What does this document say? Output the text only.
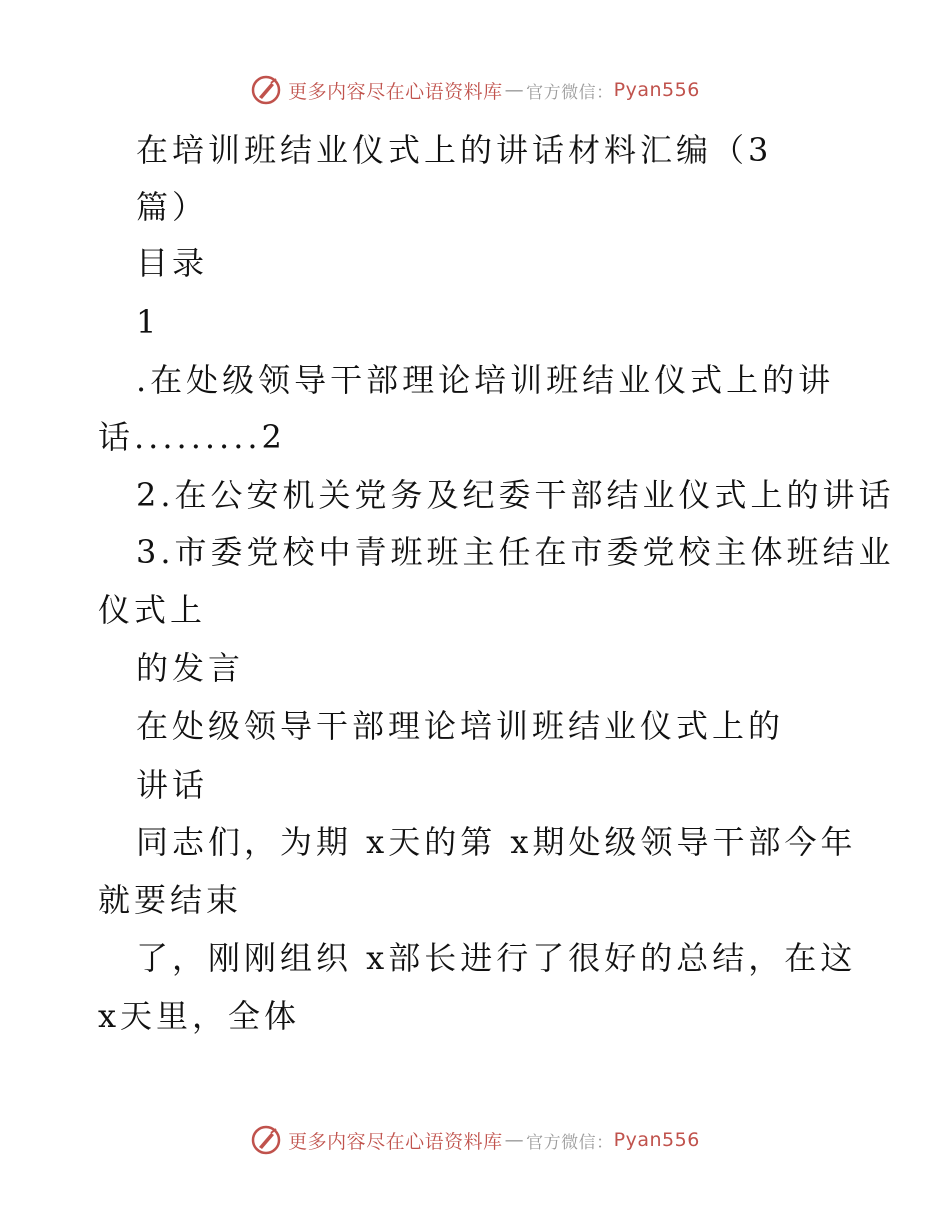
更多内容尽在心语资料库 — 官方微信： Pyan556
在培训班结业仪式上的讲话材料汇编（3
篇）
目录
1
.在处级领导干部理论培训班结业仪式上的讲
话.........2
2.在公安机关党务及纪委干部结业仪式上的讲话
3.市委党校中青班班主任在市委党校主体班结业
仪式上
的发言
在处级领导干部理论培训班结业仪式上的
讲话
同志们，为期 x天的第 x期处级领导干部今年
就要结束
了，刚刚组织 x部长进行了很好的总结，在这
x天里，全体
更多内容尽在心语资料库 — 官方微信： Pyan556
